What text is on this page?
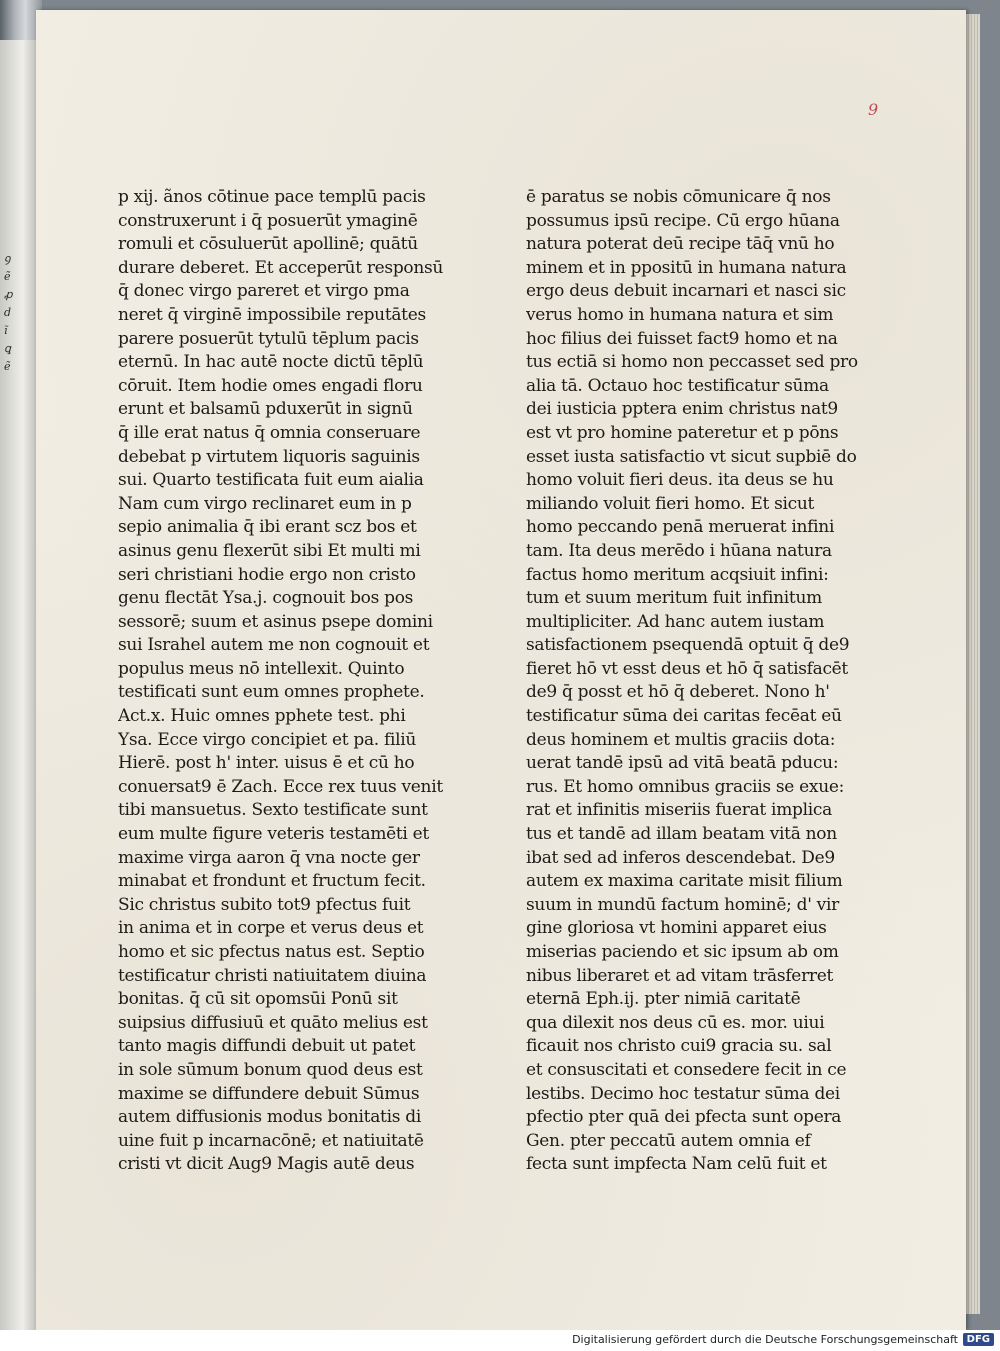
ꝯ
ẽ
ꝓ
d
ĩ
ꝗ
ẽ
9
p xij. ãnos cōtinue pace templū pacis
construxerunt i q̄ posuerūt ymaginē
romuli et cōsuluerūt apollinē; quātū
durare deberet. Et acceperūt responsū
q̄ donec virgo pareret et virgo pma
neret q̄ virginē impossibile reputātes
parere posuerūt tytulū tēplum pacis
eternū. In hac autē nocte dictū tēplū
cōruit. Item hodie omes engadi floru
erunt et balsamū pduxerūt in signū
q̄ ille erat natus q̄ omnia conseruare
debebat p virtutem liquoris saguinis
sui. Quarto testificata fuit eum aialia
Nam cum virgo reclinaret eum in p
sepio animalia q̄ ibi erant scz bos et
asinus genu flexerūt sibi Et multi mi
seri christiani hodie ergo non cristo
genu flectāt Ysa.j. cognouit bos pos
sessorē; suum et asinus psepe domini
sui Israhel autem me non cognouit et
populus meus nō intellexit. Quinto
testificati sunt eum omnes prophete.
Act.x. Huic omnes pphete test. phi
Ysa. Ecce virgo concipiet et pa. filiū
Hierē. post h' inter. uisus ē et cū ho
conuersat9 ē Zach. Ecce rex tuus venit
tibi mansuetus. Sexto testificate sunt
eum multe figure veteris testamēti et
maxime virga aaron q̄ vna nocte ger
minabat et frondunt et fructum fecit.
Sic christus subito tot9 pfectus fuit
in anima et in corpe et verus deus et
homo et sic pfectus natus est. Septio
testificatur christi natiuitatem diuina
bonitas. q̄ cū sit opomsūi Ponū sit
suipsius diffusiuū et quāto melius est
tanto magis diffundi debuit ut patet
in sole sūmum bonum quod deus est
maxime se diffundere debuit Sūmus
autem diffusionis modus bonitatis di
uine fuit p incarnacōnē; et natiuitatē
cristi vt dicit Aug9 Magis autē deus
ē paratus se nobis cōmunicare q̄ nos
possumus ipsū recipe. Cū ergo hūana
natura poterat deū recipe tāq̄ vnū ho
minem et in ppositū in humana natura
ergo deus debuit incarnari et nasci sic
verus homo in humana natura et sim
hoc filius dei fuisset fact9 homo et na
tus ectiā si homo non peccasset sed pro
alia tā. Octauo hoc testificatur sūma
dei iusticia pptera enim christus nat9
est vt pro homine pateretur et p pōns
esset iusta satisfactio vt sicut supbiē do
homo voluit fieri deus. ita deus se hu
miliando voluit fieri homo. Et sicut
homo peccando penā meruerat infini
tam. Ita deus merēdo i hūana natura
factus homo meritum acqsiuit infini:
tum et suum meritum fuit infinitum
multipliciter. Ad hanc autem iustam
satisfactionem psequendā optuit q̄ de9
fieret hō vt esst deus et hō q̄ satisfacēt
de9 q̄ posst et hō q̄ deberet. Nono h'
testificatur sūma dei caritas fecēat eū
deus hominem et multis graciis dota:
uerat tandē ipsū ad vitā beatā pducu:
rus. Et homo omnibus graciis se exue:
rat et infinitis miseriis fuerat implica
tus et tandē ad illam beatam vitā non
ibat sed ad inferos descendebat. De9
autem ex maxima caritate misit filium
suum in mundū factum hominē; d' vir
gine gloriosa vt homini apparet eius
miserias paciendo et sic ipsum ab om
nibus liberaret et ad vitam trāsferret
eternā Eph.ij. pter nimiā caritatē
qua dilexit nos deus cū es. mor. uiui
ficauit nos christo cui9 gracia su. sal
et consuscitati et consedere fecit in ce
lestibs. Decimo hoc testatur sūma dei
pfectio pter quā dei pfecta sunt opera
Gen. pter peccatū autem omnia ef
fecta sunt impfecta Nam celū fuit et
Digitalisierung gefördert durch die Deutsche Forschungsgemeinschaft DFG
